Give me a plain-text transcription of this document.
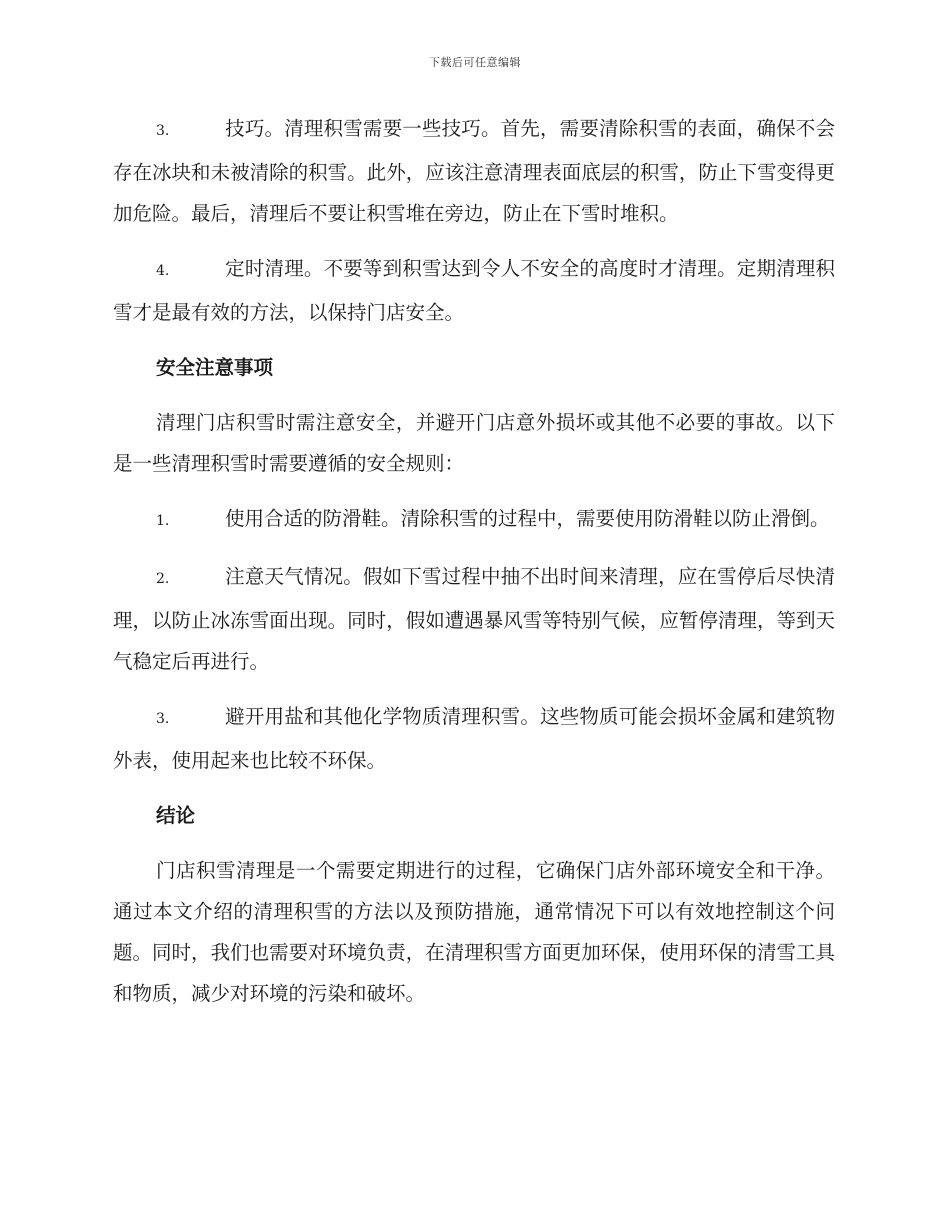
下载后可任意编辑

3.	技巧。清理积雪需要一些技巧。首先，需要清除积雪的表面，确保不会存在冰块和未被清除的积雪。此外，应该注意清理表面底层的积雪，防止下雪变得更加危险。最后，清理后不要让积雪堆在旁边，防止在下雪时堆积。

4.	定时清理。不要等到积雪达到令人不安全的高度时才清理。定期清理积雪才是最有效的方法，以保持门店安全。

安全注意事项

清理门店积雪时需注意安全，并避开门店意外损坏或其他不必要的事故。以下是一些清理积雪时需要遵循的安全规则：

1.	使用合适的防滑鞋。清除积雪的过程中，需要使用防滑鞋以防止滑倒。

2.	注意天气情况。假如下雪过程中抽不出时间来清理，应在雪停后尽快清理，以防止冰冻雪面出现。同时，假如遭遇暴风雪等特别气候，应暂停清理，等到天气稳定后再进行。

3.	避开用盐和其他化学物质清理积雪。这些物质可能会损坏金属和建筑物外表，使用起来也比较不环保。

结论

门店积雪清理是一个需要定期进行的过程，它确保门店外部环境安全和干净。通过本文介绍的清理积雪的方法以及预防措施，通常情况下可以有效地控制这个问题。同时，我们也需要对环境负责，在清理积雪方面更加环保，使用环保的清雪工具和物质，减少对环境的污染和破坏。
